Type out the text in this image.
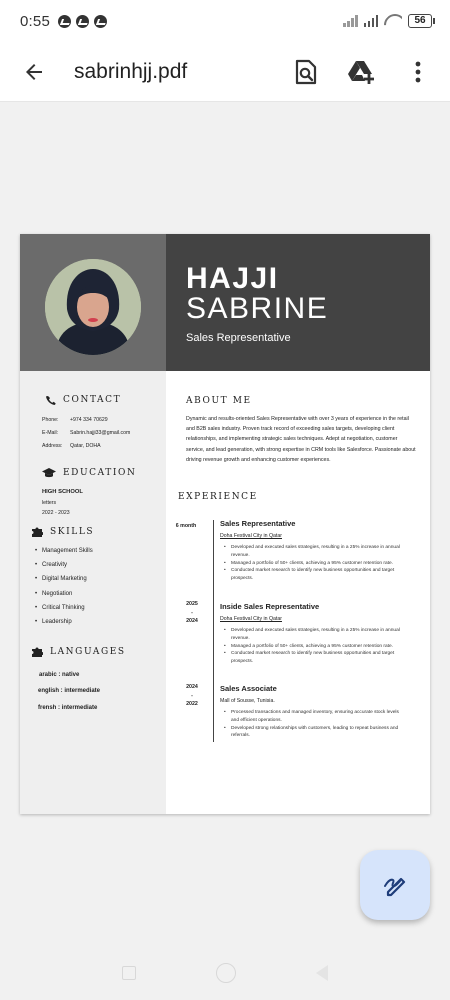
0:55	56
sabrinhjj.pdf
HAJJI
SABRINE
Sales Representative
CONTACT
Phone: +974 334 70629
E-Mail: Sabrin.hajji33@gmail.com
Address: Qatar, DOHA
EDUCATION
HIGH SCHOOL
letters
2022 - 2023
SKILLS
• Management Skills
• Creativity
• Digital Marketing
• Negotiation
• Critical Thinking
• Leadership
LANGUAGES
arabic : native
english : intermediate
frensh : intermediate
ABOUT ME
Dynamic and results-oriented Sales Representative with over 3 years of experience in the retail and B2B sales industry. Proven track record of exceeding sales targets, developing client relationships, and implementing strategic sales techniques. Adept at negotiation, customer service, and lead generation, with strong expertise in CRM tools like Salesforce. Passionate about driving revenue growth and enhancing customer experiences.
EXPERIENCE
6 month	Sales Representative
Doha Festival City in Qatar
• Developed and executed sales strategies, resulting in a 25% increase in annual revenue.
• Managed a portfolio of 50+ clients, achieving a 95% customer retention rate.
• Conducted market research to identify new business opportunities and target prospects.
2025
-
2024
Inside Sales Representative
Doha Festival City in Qatar
• Developed and executed sales strategies, resulting in a 25% increase in annual revenue.
• Managed a portfolio of 50+ clients, achieving a 95% customer retention rate.
• Conducted market research to identify new business opportunities and target prospects.
2024
-
2022
Sales Associate
Mall of Sousse, Tunisia.
• Processed transactions and managed inventory, ensuring accurate stock levels and efficient operations.
• Developed strong relationships with customers, leading to repeat business and referrals.
